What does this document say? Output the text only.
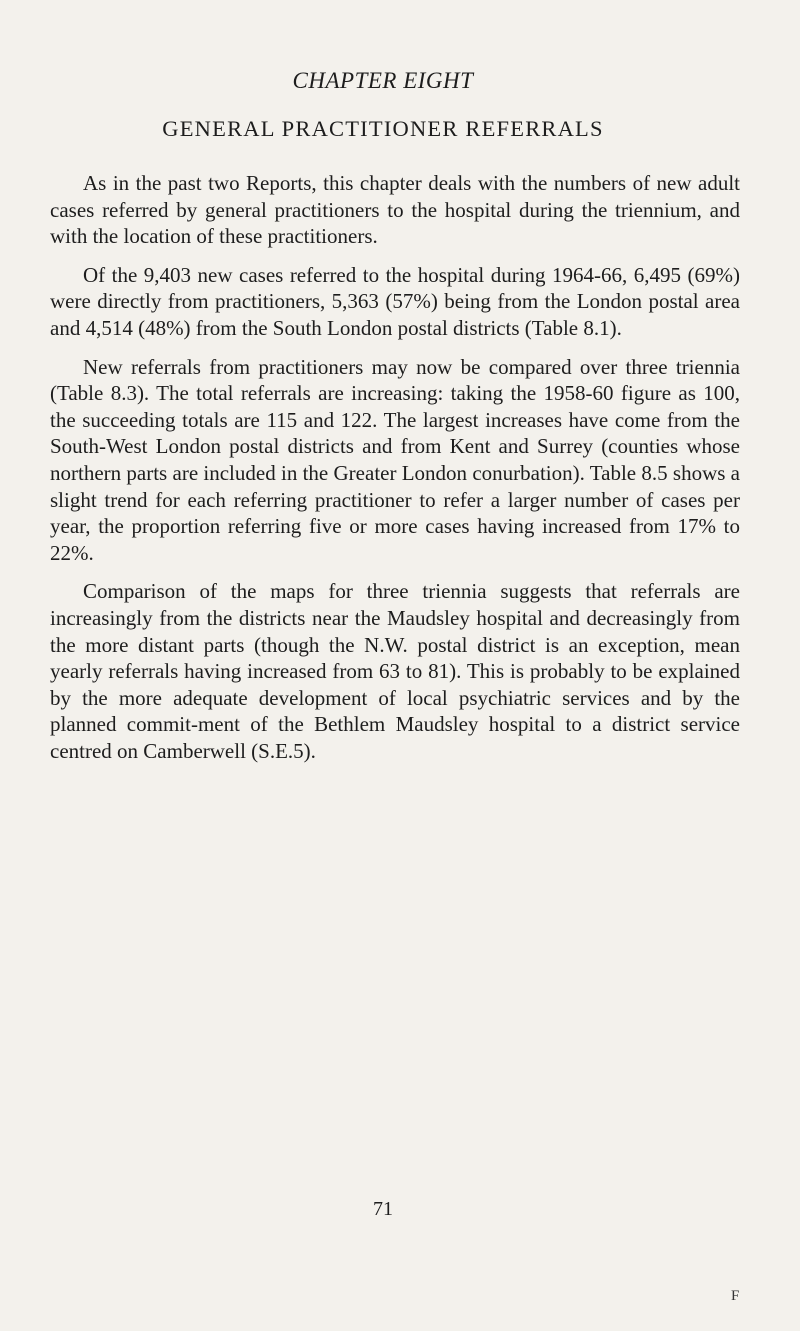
CHAPTER EIGHT
GENERAL PRACTITIONER REFERRALS

As in the past two Reports, this chapter deals with the numbers of new adult cases referred by general practitioners to the hospital during the triennium, and with the location of these practitioners.

Of the 9,403 new cases referred to the hospital during 1964-66, 6,495 (69%) were directly from practitioners, 5,363 (57%) being from the London postal area and 4,514 (48%) from the South London postal districts (Table 8.1).

New referrals from practitioners may now be compared over three triennia (Table 8.3). The total referrals are increasing: taking the 1958-60 figure as 100, the succeeding totals are 115 and 122. The largest increases have come from the South-West London postal districts and from Kent and Surrey (counties whose northern parts are included in the Greater London conurbation). Table 8.5 shows a slight trend for each referring practitioner to refer a larger number of cases per year, the proportion referring five or more cases having increased from 17% to 22%.

Comparison of the maps for three triennia suggests that referrals are increasingly from the districts near the Maudsley hospital and decreasingly from the more distant parts (though the N.W. postal district is an exception, mean yearly referrals having increased from 63 to 81). This is probably to be explained by the more adequate development of local psychiatric services and by the planned commit-ment of the Bethlem Maudsley hospital to a district service centred on Camberwell (S.E.5).

71

F
